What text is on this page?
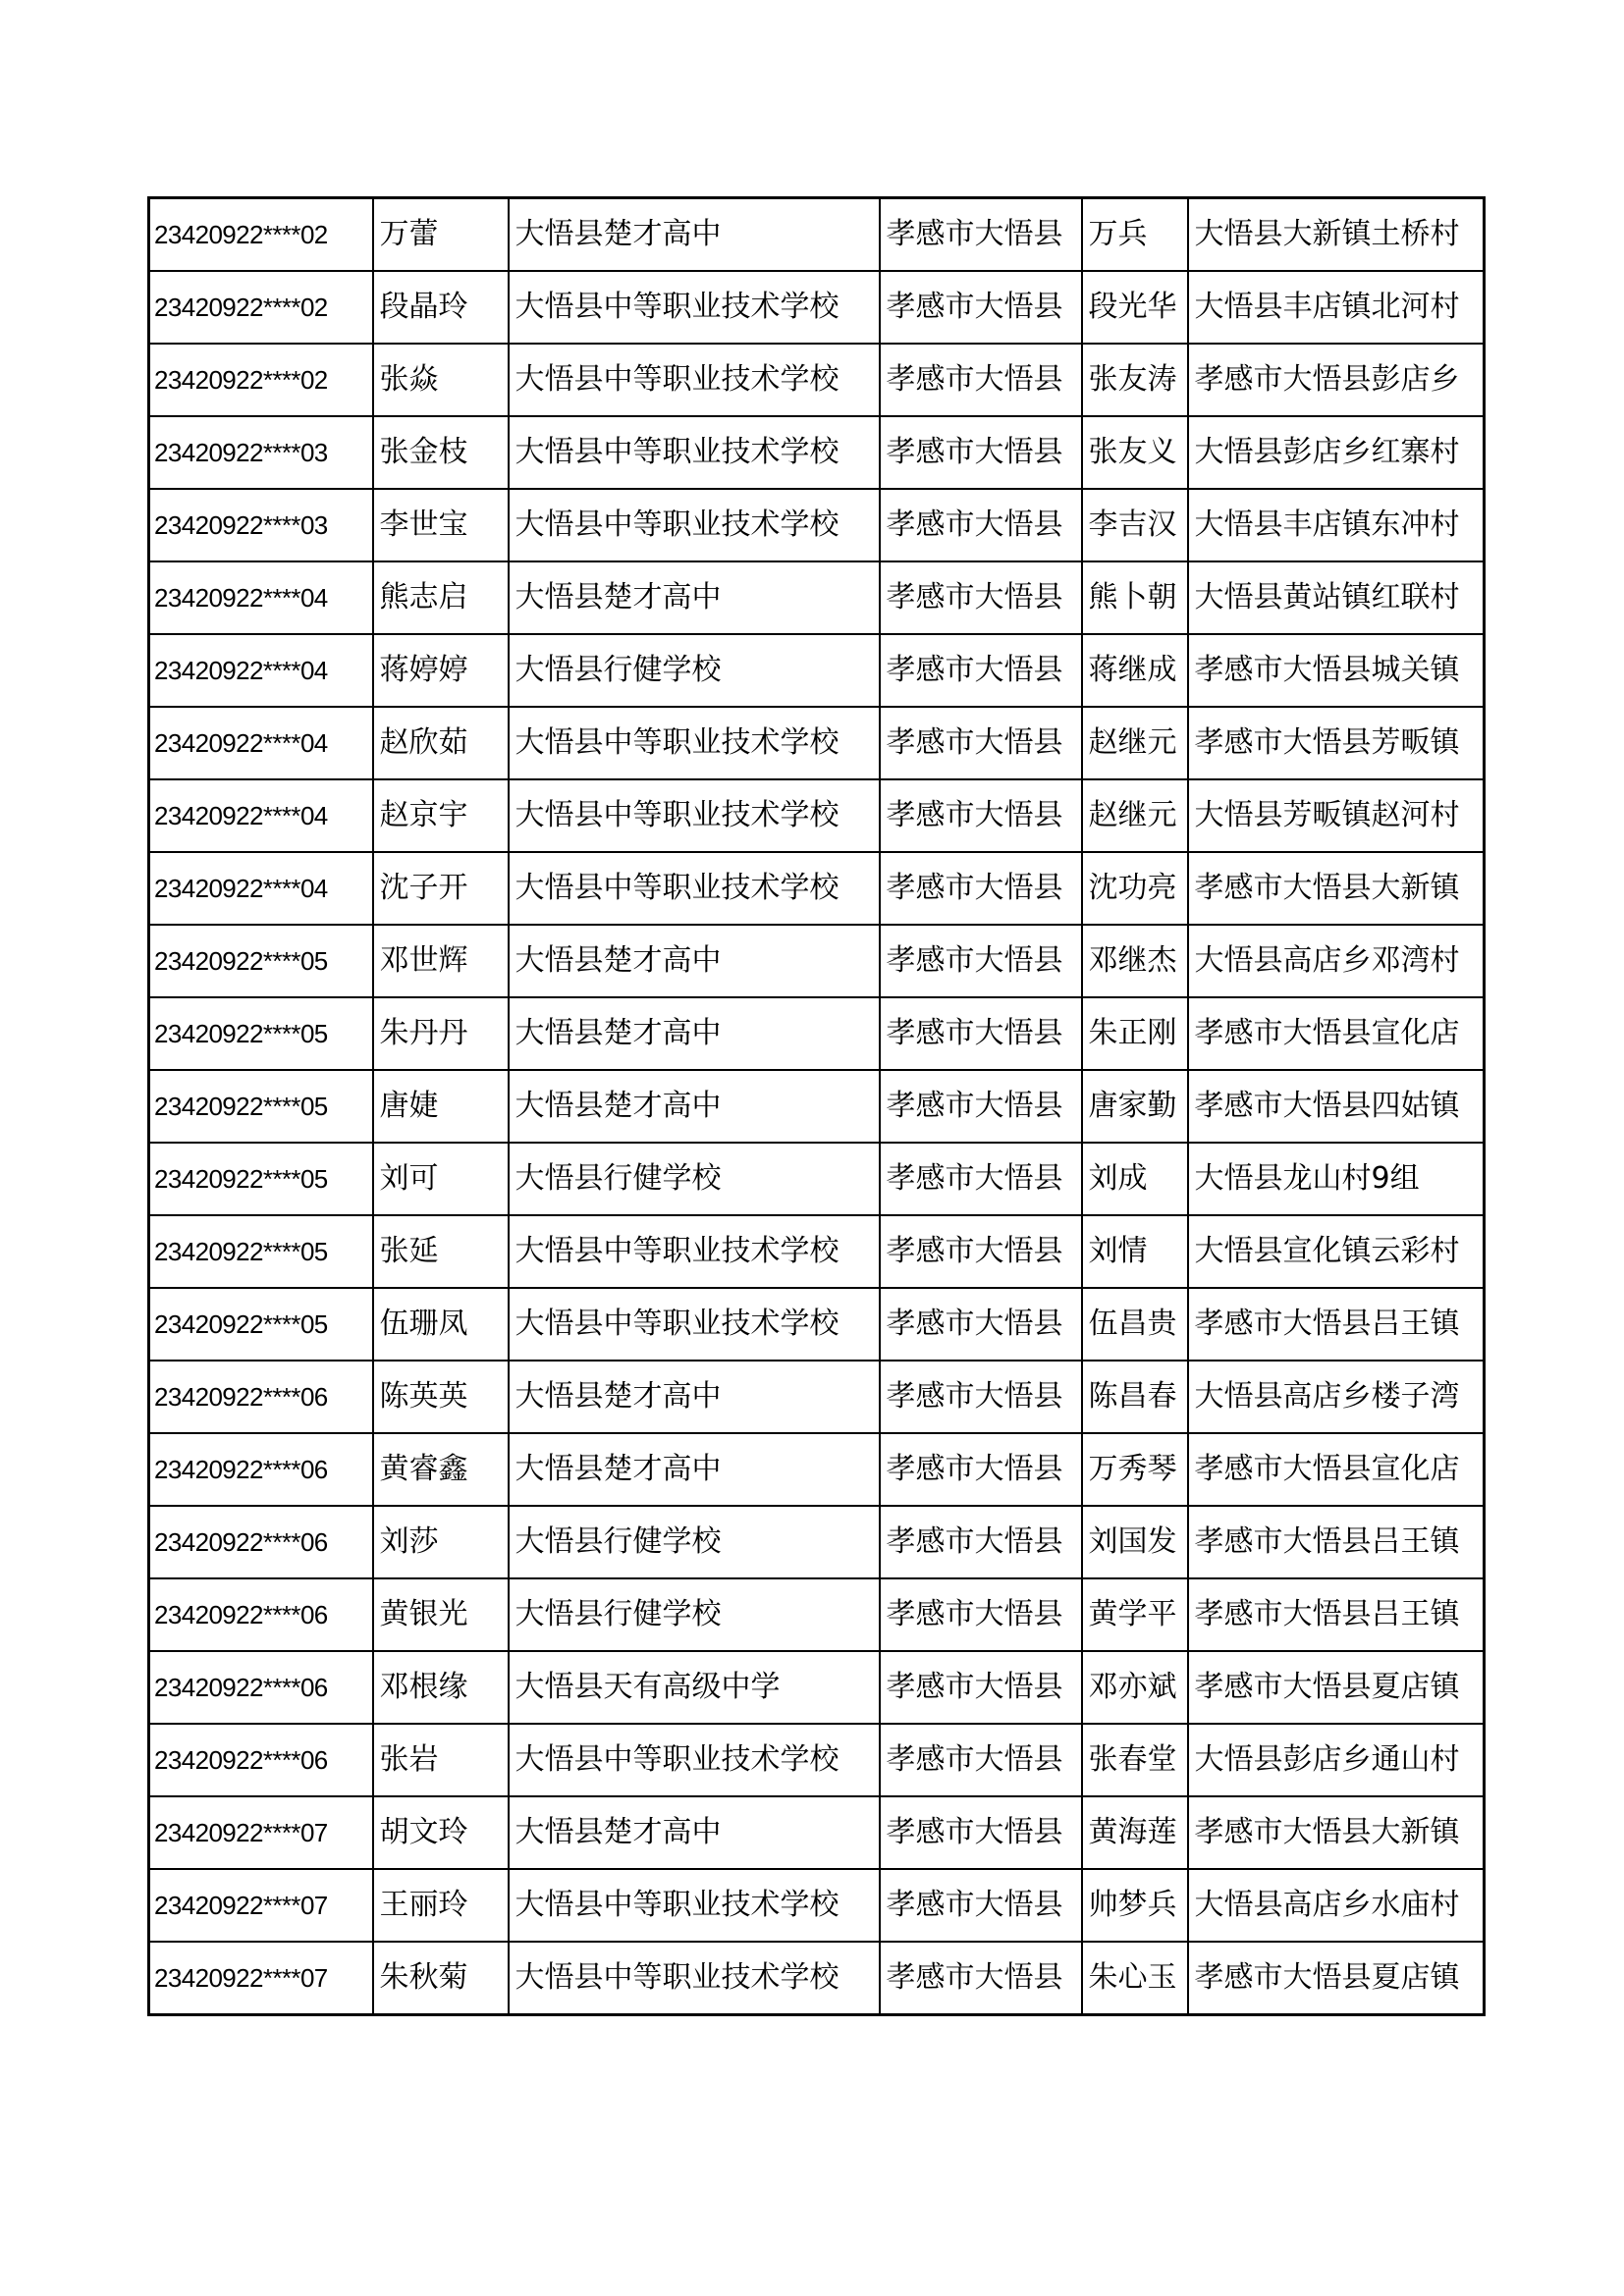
23420922****02	万蕾	大悟县楚才高中	孝感市大悟县	万兵	大悟县大新镇土桥村
23420922****02	段晶玲	大悟县中等职业技术学校	孝感市大悟县	段光华	大悟县丰店镇北河村
23420922****02	张焱	大悟县中等职业技术学校	孝感市大悟县	张友涛	孝感市大悟县彭店乡
23420922****03	张金枝	大悟县中等职业技术学校	孝感市大悟县	张友义	大悟县彭店乡红寨村
23420922****03	李世宝	大悟县中等职业技术学校	孝感市大悟县	李吉汉	大悟县丰店镇东冲村
23420922****04	熊志启	大悟县楚才高中	孝感市大悟县	熊卜朝	大悟县黄站镇红联村
23420922****04	蒋婷婷	大悟县行健学校	孝感市大悟县	蒋继成	孝感市大悟县城关镇
23420922****04	赵欣茹	大悟县中等职业技术学校	孝感市大悟县	赵继元	孝感市大悟县芳畈镇
23420922****04	赵京宇	大悟县中等职业技术学校	孝感市大悟县	赵继元	大悟县芳畈镇赵河村
23420922****04	沈子开	大悟县中等职业技术学校	孝感市大悟县	沈功亮	孝感市大悟县大新镇
23420922****05	邓世辉	大悟县楚才高中	孝感市大悟县	邓继杰	大悟县高店乡邓湾村
23420922****05	朱丹丹	大悟县楚才高中	孝感市大悟县	朱正刚	孝感市大悟县宣化店
23420922****05	唐婕	大悟县楚才高中	孝感市大悟县	唐家勤	孝感市大悟县四姑镇
23420922****05	刘可	大悟县行健学校	孝感市大悟县	刘成	大悟县龙山村9组
23420922****05	张延	大悟县中等职业技术学校	孝感市大悟县	刘情	大悟县宣化镇云彩村
23420922****05	伍珊凤	大悟县中等职业技术学校	孝感市大悟县	伍昌贵	孝感市大悟县吕王镇
23420922****06	陈英英	大悟县楚才高中	孝感市大悟县	陈昌春	大悟县高店乡楼子湾
23420922****06	黄睿鑫	大悟县楚才高中	孝感市大悟县	万秀琴	孝感市大悟县宣化店
23420922****06	刘莎	大悟县行健学校	孝感市大悟县	刘国发	孝感市大悟县吕王镇
23420922****06	黄银光	大悟县行健学校	孝感市大悟县	黄学平	孝感市大悟县吕王镇
23420922****06	邓根缘	大悟县天有高级中学	孝感市大悟县	邓亦斌	孝感市大悟县夏店镇
23420922****06	张岩	大悟县中等职业技术学校	孝感市大悟县	张春堂	大悟县彭店乡通山村
23420922****07	胡文玲	大悟县楚才高中	孝感市大悟县	黄海莲	孝感市大悟县大新镇
23420922****07	王丽玲	大悟县中等职业技术学校	孝感市大悟县	帅梦兵	大悟县高店乡水庙村
23420922****07	朱秋菊	大悟县中等职业技术学校	孝感市大悟县	朱心玉	孝感市大悟县夏店镇
